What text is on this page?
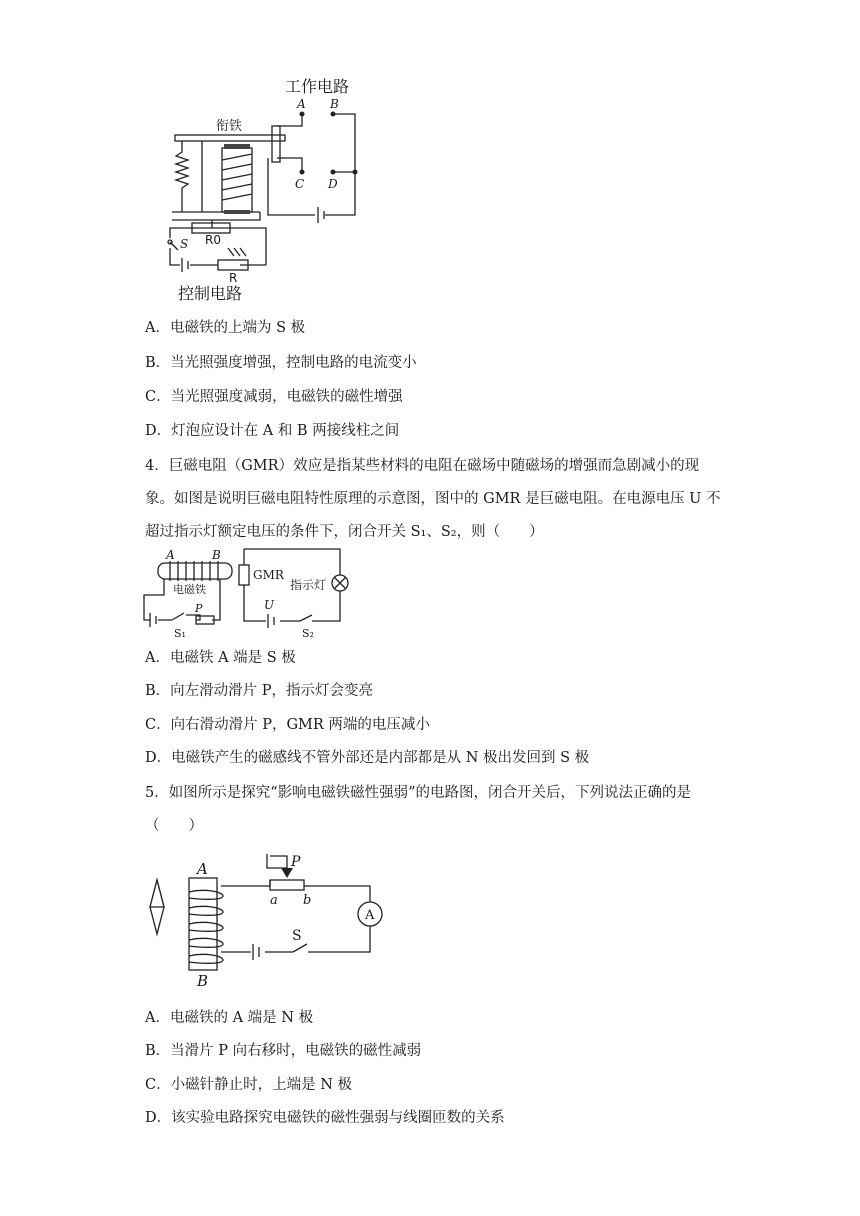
工作电路
A B
C D
衔铁
R0
S
R
控制电路
A．电磁铁的上端为 S 极
B．当光照强度增强，控制电路的电流变小
C．当光照强度减弱，电磁铁的磁性增强
D．灯泡应设计在 A 和 B 两接线柱之间
4．巨磁电阻（GMR）效应是指某些材料的电阻在磁场中随磁场的增强而急剧减小的现象。如图是说明巨磁电阻特性原理的示意图，图中的 GMR 是巨磁电阻。在电源电压 U 不超过指示灯额定电压的条件下，闭合开关 S₁、S₂，则（　　）
A	B
电磁铁
S₁
P
GMR
指示灯
U
S₂
A．电磁铁 A 端是 S 极
B．向左滑动滑片 P，指示灯会变亮
C．向右滑动滑片 P，GMR 两端的电压减小
D．电磁铁产生的磁感线不管外部还是内部都是从 N 极出发回到 S 极
5．如图所示是探究“影响电磁铁磁性强弱”的电路图，闭合开关后，下列说法正确的是
（　　）
A
B
P
a b
A
S
A．电磁铁的 A 端是 N 极
B．当滑片 P 向右移时，电磁铁的磁性减弱
C．小磁针静止时，上端是 N 极
D．该实验电路探究电磁铁的磁性强弱与线圈匝数的关系
